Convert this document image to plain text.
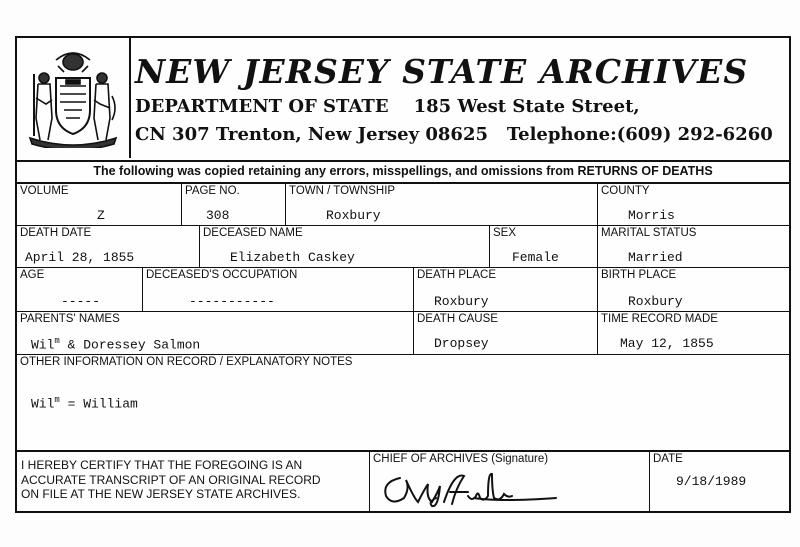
NEW JERSEY STATE ARCHIVES
DEPARTMENT OF STATE 185 West State Street,
CN 307 Trenton, New Jersey 08625 Telephone:(609) 292-6260
The following was copied retaining any errors, misspellings, and omissions from RETURNS OF DEATHS
VOLUME
Z
PAGE NO.
308
TOWN / TOWNSHIP
Roxbury
COUNTY
Morris
DEATH DATE
April 28, 1855
DECEASED NAME
Elizabeth Caskey
SEX
Female
MARITAL STATUS
Married
AGE
-----
DECEASED'S OCCUPATION
-----------
DEATH PLACE
Roxbury
BIRTH PLACE
Roxbury
PARENTS' NAMES
Wil$^m$ & Doressey Salmon
DEATH CAUSE
Dropsey
TIME RECORD MADE
May 12, 1855
OTHER INFORMATION ON RECORD / EXPLANATORY NOTES
Wil$^m$ = William
I HEREBY CERTIFY THAT THE FOREGOING IS AN
ACCURATE TRANSCRIPT OF AN ORIGINAL RECORD
ON FILE AT THE NEW JERSEY STATE ARCHIVES.
CHIEF OF ARCHIVES (Signature)	DATE
9/18/1989
